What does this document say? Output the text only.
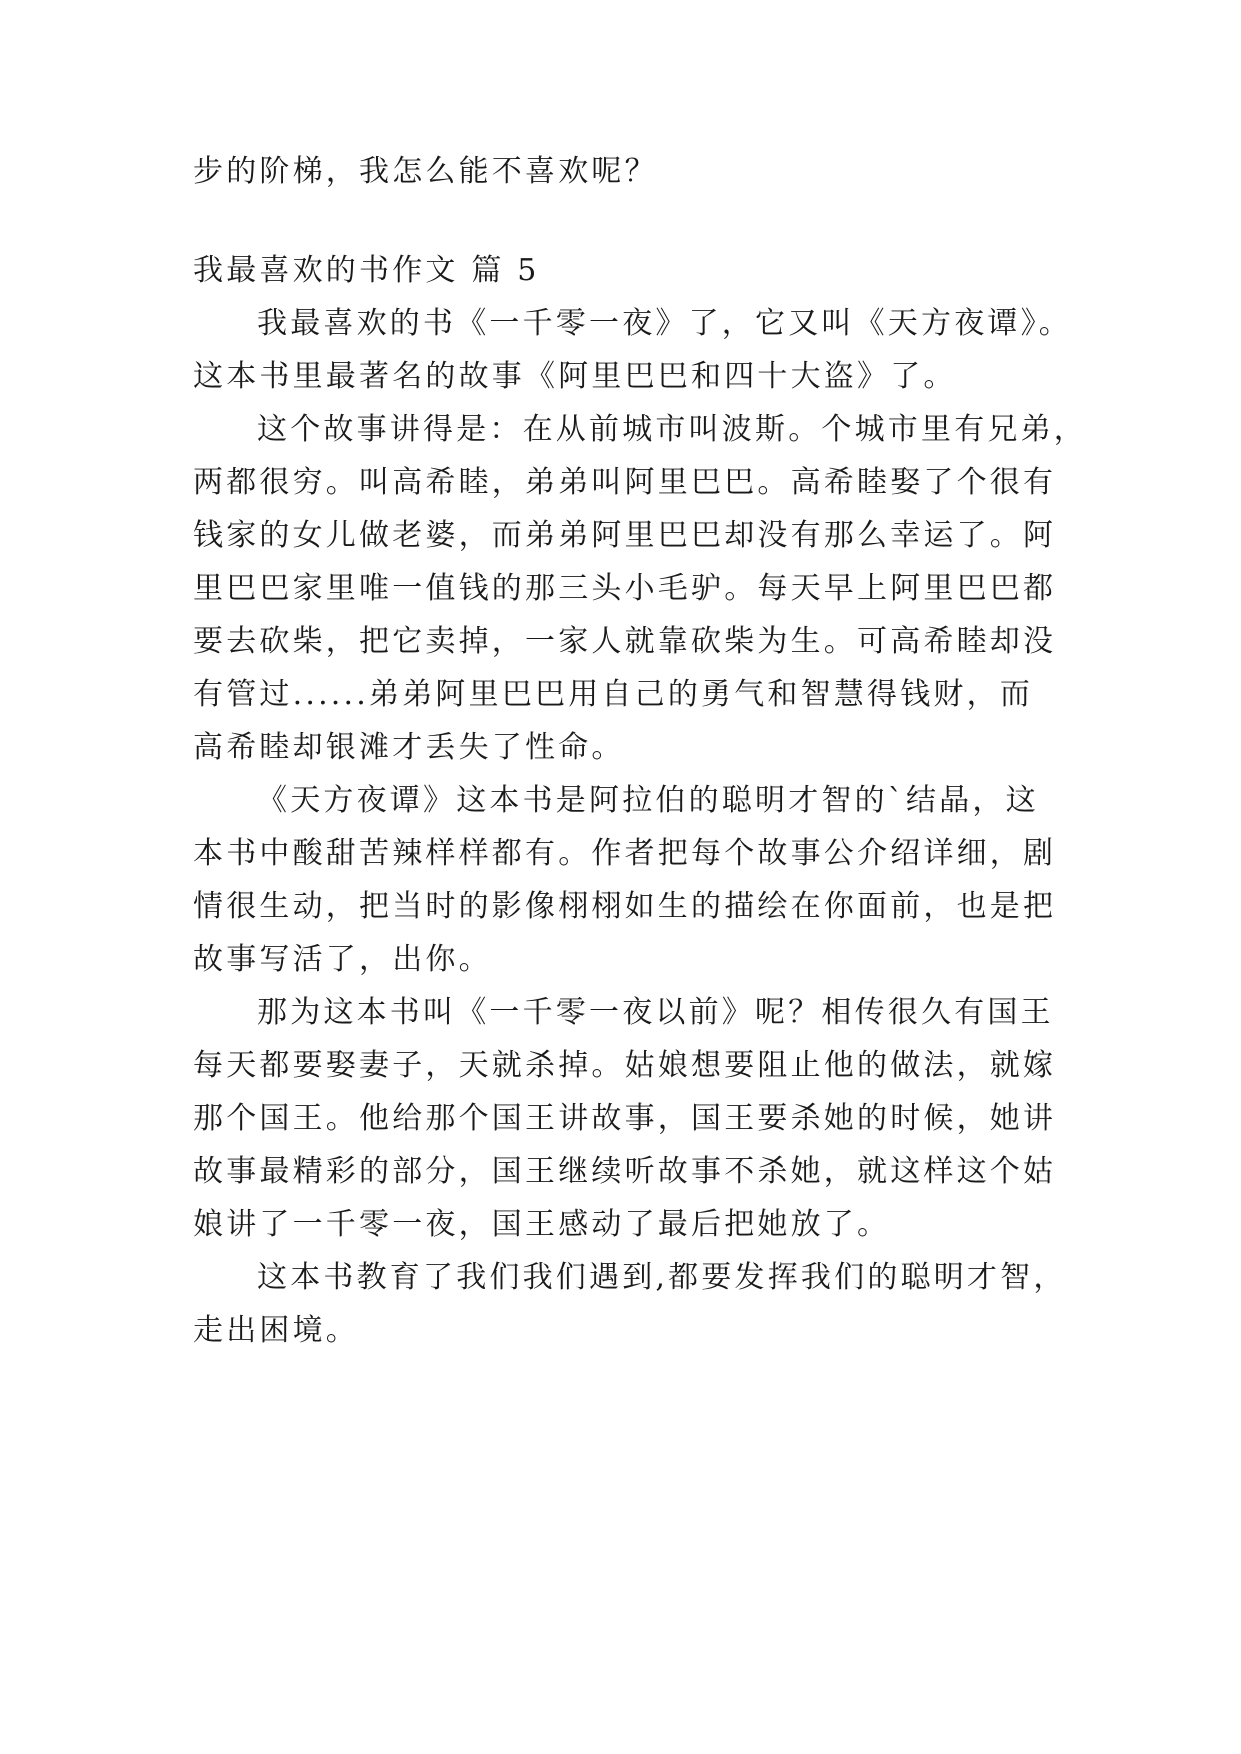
步的阶梯，我怎么能不喜欢呢？
我最喜欢的书作文 篇 5
我最喜欢的书《一千零一夜》了，它又叫《天方夜谭》。
这本书里最著名的故事《阿里巴巴和四十大盗》了。
这个故事讲得是：在从前城市叫波斯。个城市里有兄弟，
两都很穷。叫高希睦，弟弟叫阿里巴巴。高希睦娶了个很有
钱家的女儿做老婆，而弟弟阿里巴巴却没有那么幸运了。阿
里巴巴家里唯一值钱的那三头小毛驴。每天早上阿里巴巴都
要去砍柴，把它卖掉，一家人就靠砍柴为生。可高希睦却没
有管过......弟弟阿里巴巴用自己的勇气和智慧得钱财，而
高希睦却银滩才丢失了性命。
《天方夜谭》这本书是阿拉伯的聪明才智的`结晶，这
本书中酸甜苦辣样样都有。作者把每个故事公介绍详细，剧
情很生动，把当时的影像栩栩如生的描绘在你面前，也是把
故事写活了，出你。
那为这本书叫《一千零一夜以前》呢？相传很久有国王
每天都要娶妻子，天就杀掉。姑娘想要阻止他的做法，就嫁
那个国王。他给那个国王讲故事，国王要杀她的时候，她讲
故事最精彩的部分，国王继续听故事不杀她，就这样这个姑
娘讲了一千零一夜，国王感动了最后把她放了。
这本书教育了我们我们遇到,都要发挥我们的聪明才智，
走出困境。
